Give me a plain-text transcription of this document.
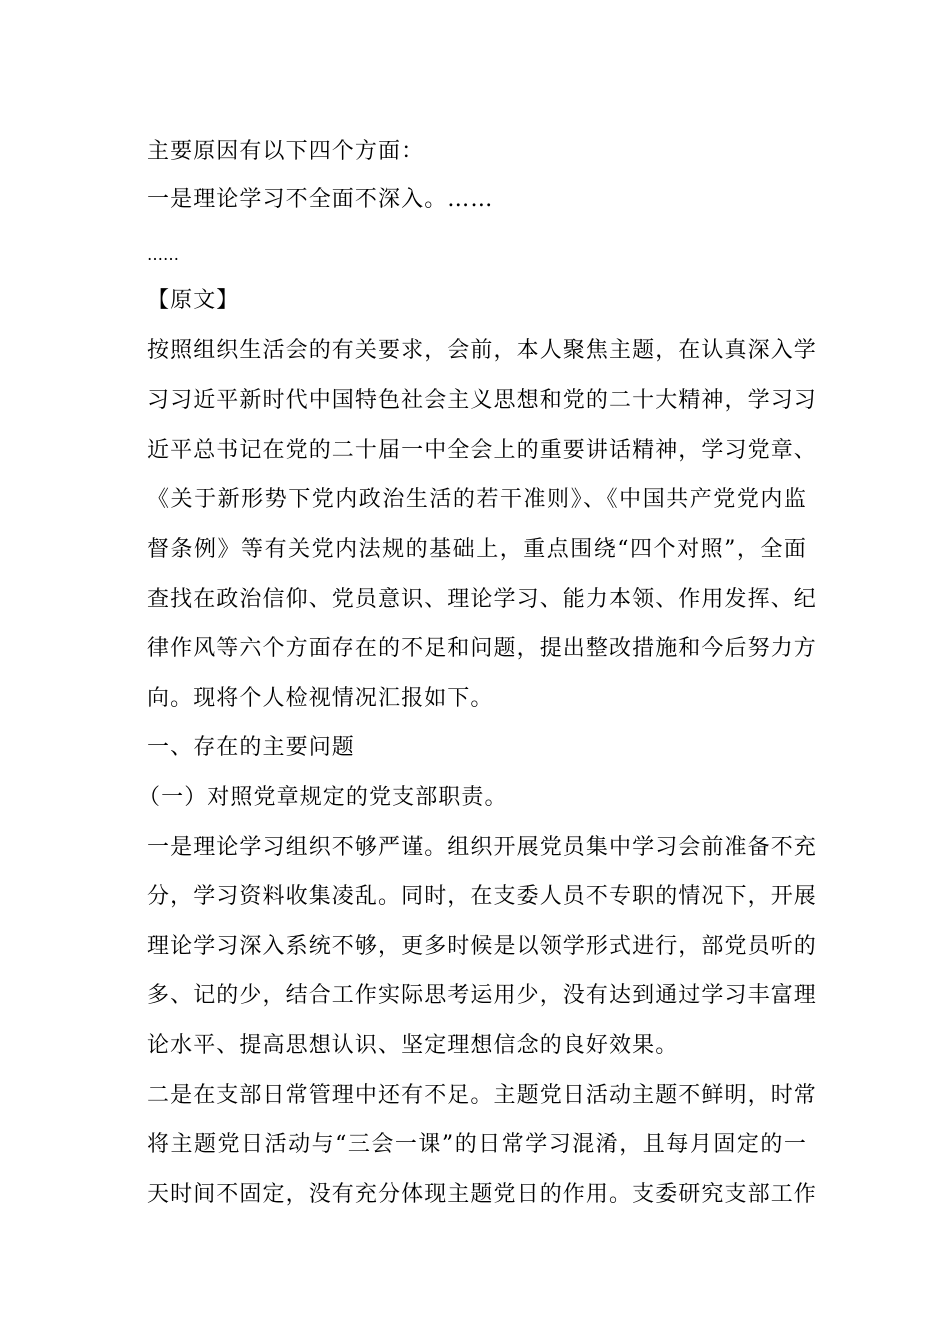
主要原因有以下四个方面：
一是理论学习不全面不深入。……
……
【原文】
按照组织生活会的有关要求，会前，本人聚焦主题，在认真深入学
习习近平新时代中国特色社会主义思想和党的二十大精神，学习习
近平总书记在党的二十届一中全会上的重要讲话精神，学习党章、
《关于新形势下党内政治生活的若干准则》、《中国共产党党内监
督条例》等有关党内法规的基础上，重点围绕“四个对照”，全面
查找在政治信仰、党员意识、理论学习、能力本领、作用发挥、纪
律作风等六个方面存在的不足和问题，提出整改措施和今后努力方
向。现将个人检视情况汇报如下。
一、存在的主要问题
（一）对照党章规定的党支部职责。
一是理论学习组织不够严谨。组织开展党员集中学习会前准备不充
分，学习资料收集凌乱。同时，在支委人员不专职的情况下，开展
理论学习深入系统不够，更多时候是以领学形式进行，部党员听的
多、记的少，结合工作实际思考运用少，没有达到通过学习丰富理
论水平、提高思想认识、坚定理想信念的良好效果。
二是在支部日常管理中还有不足。主题党日活动主题不鲜明，时常
将主题党日活动与“三会一课”的日常学习混淆，且每月固定的一
天时间不固定，没有充分体现主题党日的作用。支委研究支部工作
